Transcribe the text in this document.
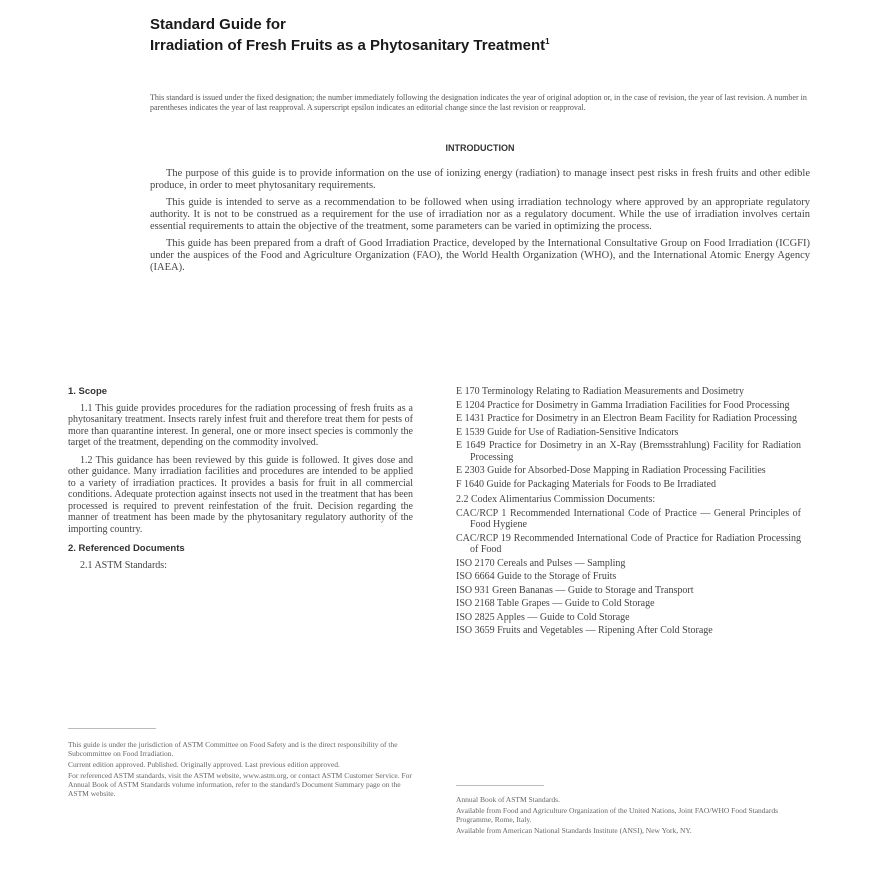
Standard Guide for
Irradiation of Fresh Fruits as a Phytosanitary Treatment$^1$
This standard is issued under the fixed designation; the number immediately following the designation indicates the year of original adoption or, in the case of revision, the year of last revision. A number in parentheses indicates the year of last reapproval. A superscript epsilon indicates an editorial change since the last revision or reapproval.
INTRODUCTION

The purpose of this guide is to provide information on the use of ionizing energy (radiation) to manage insect pest risks in fresh fruits and other edible produce, in order to meet phytosanitary requirements.

This guide is intended to serve as a recommendation to be followed when using irradiation technology where approved by an appropriate regulatory authority. It is not to be construed as a requirement for the use of irradiation nor as a regulatory document. While the use of irradiation involves certain essential requirements to attain the objective of the treatment, some parameters can be varied in optimizing the process.

This guide has been prepared from a draft of Good Irradiation Practice, developed by the International Consultative Group on Food Irradiation (ICGFI) under the auspices of the Food and Agriculture Organization (FAO), the World Health Organization (WHO), and the International Atomic Energy Agency (IAEA).

1. Scope

1.1 This guide provides procedures for the radiation processing of fresh fruits as a phytosanitary treatment. Insects rarely infest fruit and therefore treat them for pests of more than quarantine interest. In general, one or more insect species is commonly the target of the treatment, depending on the commodity involved.

1.2 This guidance has been reviewed by this guide is followed. It gives dose and other guidance. Many irradiation facilities and procedures are intended to be applied to a variety of irradiation practices. It provides a basis for fruit in all commercial conditions. Adequate protection against insects not used in the treatment that has been processed is required to prevent reinfestation of the fruit. Decision regarding the manner of treatment has been made by the phytosanitary regulatory authority of the importing country.

2. Referenced Documents

2.1 ASTM Standards:

E 170 Terminology Relating to Radiation Measurements and Dosimetry
E 1204 Practice for Dosimetry in Gamma Irradiation Facilities for Food Processing
E 1431 Practice for Dosimetry in an Electron Beam Facility for Radiation Processing
E 1539 Guide for Use of Radiation-Sensitive Indicators
E 1649 Practice for Dosimetry in an X-Ray (Bremsstrahlung) Facility for Radiation Processing
E 2303 Guide for Absorbed-Dose Mapping in Radiation Processing Facilities
F 1640 Guide for Packaging Materials for Foods to Be Irradiated
2.2 Codex Alimentarius Commission Documents:
CAC/RCP 1 Recommended International Code of Practice — General Principles of Food Hygiene
CAC/RCP 19 Recommended International Code of Practice for Radiation Processing of Food
ISO 2170 Cereals and Pulses — Sampling
ISO 6664 Guide to the Storage of Fruits
ISO 931 Green Bananas — Guide to Storage and Transport
ISO 2168 Table Grapes — Guide to Cold Storage
ISO 2825 Apples — Guide to Cold Storage
ISO 3659 Fruits and Vegetables — Ripening After Cold Storage

This guide is under the jurisdiction of ASTM Committee on Food Safety and is the direct responsibility of the Subcommittee on Food Irradiation.

Current edition approved. Published. Originally approved. Last previous edition approved.

For referenced ASTM standards, visit the ASTM website, www.astm.org, or contact ASTM Customer Service. For Annual Book of ASTM Standards volume information, refer to the standard's Document Summary page on the ASTM website.

Annual Book of ASTM Standards.

Available from Food and Agriculture Organization of the United Nations, Joint FAO/WHO Food Standards Programme, Rome, Italy.

Available from American National Standards Institute (ANSI), New York, NY.
